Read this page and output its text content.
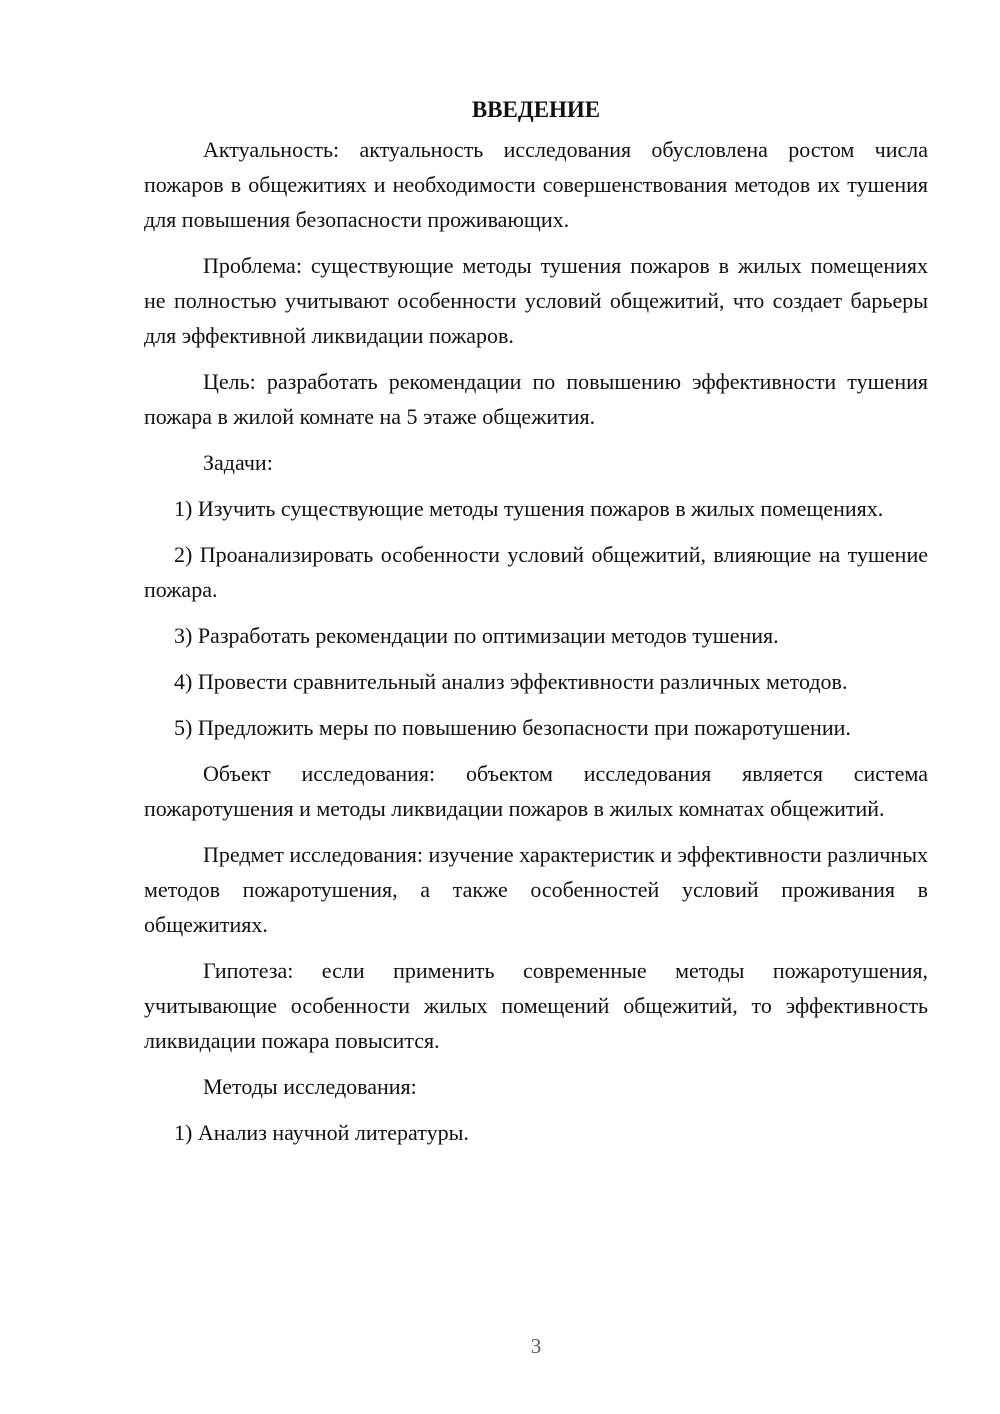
ВВЕДЕНИЕ

Актуальность: актуальность исследования обусловлена ростом числа пожаров в общежитиях и необходимости совершенствования методов их тушения для повышения безопасности проживающих.

Проблема: существующие методы тушения пожаров в жилых помещениях не полностью учитывают особенности условий общежитий, что создает барьеры для эффективной ликвидации пожаров.

Цель: разработать рекомендации по повышению эффективности тушения пожара в жилой комнате на 5 этаже общежития.

Задачи:

1) Изучить существующие методы тушения пожаров в жилых помещениях.

2) Проанализировать особенности условий общежитий, влияющие на тушение пожара.

3) Разработать рекомендации по оптимизации методов тушения.

4) Провести сравнительный анализ эффективности различных методов.

5) Предложить меры по повышению безопасности при пожаротушении.

Объект исследования: объектом исследования является система пожаротушения и методы ликвидации пожаров в жилых комнатах общежитий.

Предмет исследования: изучение характеристик и эффективности различных методов пожаротушения, а также особенностей условий проживания в общежитиях.

Гипотеза: если применить современные методы пожаротушения, учитывающие особенности жилых помещений общежитий, то эффективность ликвидации пожара повысится.

Методы исследования:

1) Анализ научной литературы.

3
